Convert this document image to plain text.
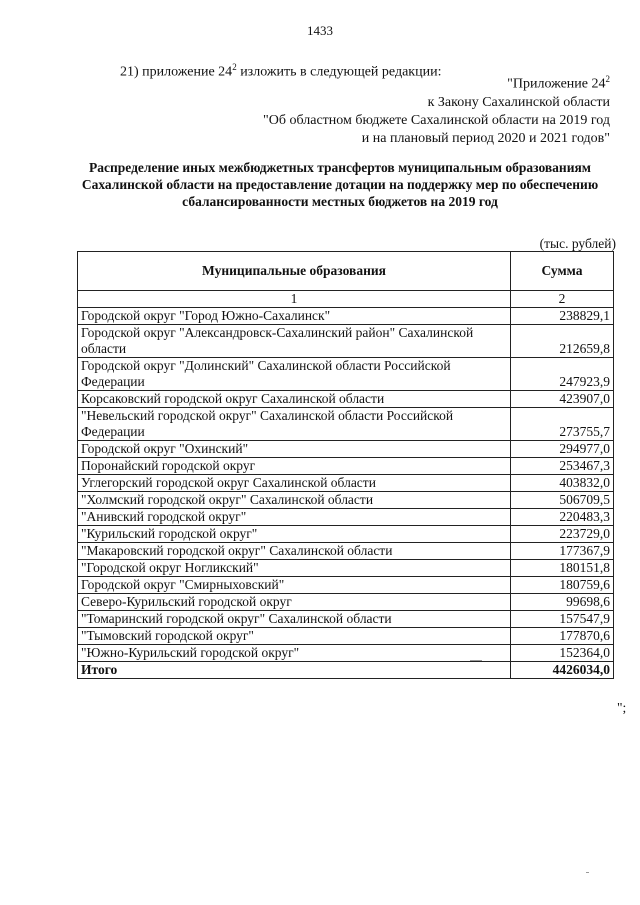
1433
21) приложение $24^2$ изложить в следующей редакции:
"Приложение $24^2$
к Закону Сахалинской области
"Об областном бюджете Сахалинской области на 2019 год
и на плановый период 2020 и 2021 годов"
Распределение иных межбюджетных трансфертов муниципальным образованиям
Сахалинской области на предоставление дотации на поддержку мер по обеспечению
сбалансированности местных бюджетов на 2019 год
(тыс. рублей)
Муниципальные образования	Сумма
1	2
Городской округ "Город Южно-Сахалинск"	238829,1
Городской округ "Александровск-Сахалинский район" Сахалинской области	212659,8
Городской округ "Долинский" Сахалинской области Российской Федерации	247923,9
Корсаковский городской округ Сахалинской области	423907,0
"Невельский городской округ" Сахалинской области Российской Федерации	273755,7
Городской округ "Охинский"	294977,0
Поронайский городской округ	253467,3
Углегорский городской округ Сахалинской области	403832,0
"Холмский городской округ" Сахалинской области	506709,5
"Анивский городской округ"	220483,3
"Курильский городской округ"	223729,0
"Макаровский городской округ" Сахалинской области	177367,9
"Городской округ Ногликский"	180151,8
Городской округ "Смирныховский"	180759,6
Северо-Курильский городской округ	99698,6
"Томаринский городской округ" Сахалинской области	157547,9
"Тымовский городской округ"	177870,6
"Южно-Курильский городской округ"	152364,0
Итого	4426034,0
";
